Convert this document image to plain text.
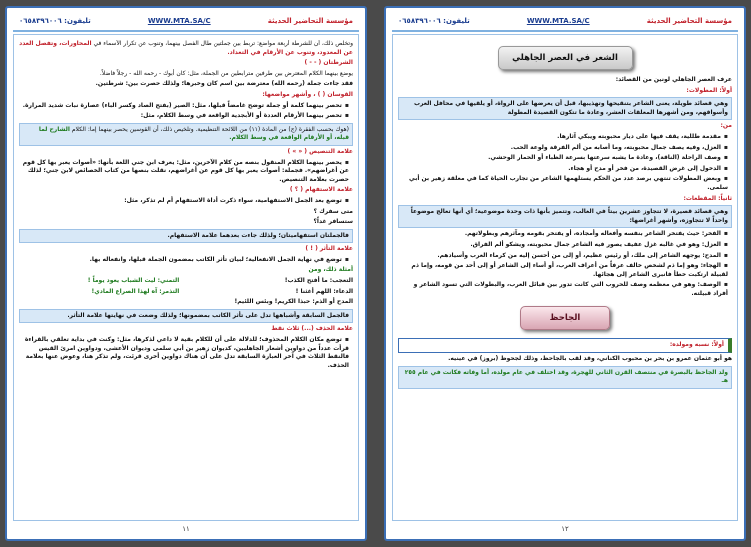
تليفون: ٠٦٥٨٣٩٦٠٠٦	WWW.MTA.SA/C	مؤسسة التحاضير الحديثة

وتخلص ذلك، أن للشرطة أربعة مواضع: تربط بين جملتين طال الفصل بينهما، وتنوب عن تكرار الأسماء في المحاورات، وتفصل العدد عن المعدود، وتنوب عن الأرقام في التعداد.

الشرطتان ( - - )

يوضع بينهما الكلام المعترض بين طرفين مترابطين من الجملة، مثل: كان أبوك - رحمه الله - رجلاً فاضلاً.

فقد جاءت جملة (رحمه الله) معترضة بين اسم كان وخبرها؛ ولذلك حصرت بين: شرطتين.

القوسان ( ) ، وأشهر مواضعها:

▪ تحصر بينهما كلمة أو جملة توضح غامضاً قبلها، مثل: الصير (بفتح الصاد وكسر الباء) عصارة نبات شديد المرارة.

▪ تحصر بينهما الأرقام العددة أو الأبجدية الواقعة في وسط الكلام، مثل:

(هوك بحسب الفقرة (ج) من المادة (١١) من اللائحة التنظيمية. وتلخيص ذلك، أن القوسين يحصر بينهما إما: الكلام الشارح لما قبله، أو الأرقام الواقعة في وسط الكلام.

علامة التنصيص ( « » )

▪ يحصر بينهما الكلام المنقول بنصه من كلام الآخرين، مثل: يعرف ابن جني اللغة بأنها: «أصوات يعبر بها كل قوم عن أغراضهم». فجملة: أصوات يعبر بها كل قوم عن أغراضهم، نقلت بنصها من كتاب الخصائص لابن جني؛ لذلك حصرت بعلامة التنصيص.

علامة الاستفهام ( ؟ )

▪ توضع بعد الجمل الاستفهامية، سواء ذكرت أداة الاستفهام أم لم تذكر، مثل:

متى سفرك ؟

ستسافر غداً؟

فالجملتان استفهاميتان؛ ولذلك جاءت بعدهما علامة الاستفهام.

علامة التأثر ( ! )

▪ توضع في نهاية الجمل الانفعالية؛ لبيان تأثر الكاتب بمضمون الجملة قبلها، وانفعاله بها.

أمثلة ذلك، ومن

التعجب: ما أفتح الكذب!
التمني: ليت الشباب يعود يوماً !

الدعاء: اللهم أغثنا !
التذمر: آه لهذا الصراع المادي!

المدح أو الذم: حبذا الكريم! وبئس اللئيم!

فالجمل السابقة وأشباهها تدل على تأثر الكاتب بمضمونها؛ ولذلك وضعت في نهايتها علامة التأثر.

علامة الحذف (...) ثلاث نقط

▪ توضع مكان الكلام المحذوف؛ للدلالة على أن للكلام بقية لا داعي لذكرها، مثل: وكنت في بداية تعلقي بالقراءة قرأت عدداً من دواوين أشعار الجاهليين، كديوان زهير بن أبي سلمى وديوان الأعشى، ودواوين امرئ القيس فالنقط الثلاث في آخر العبارة السابقة تدل على أن هناك دواوين أخرى قرئت، ولم تذكر هنا، وعوض عنها بعلامة الحذف.

١١
تليفون: ٠٦٥٨٣٩٦٠٠٦	WWW.MTA.SA/C	مؤسسة التحاضير الحديثة
الشعر في العصر الجاهلي

عرف العصر الجاهلي لونين من القصائد:

أولاً: المطولات:

وهي قصائد طويلة، يعنى الشاعر بتنقيحها وتهذيبها، قبل أن يعرضها على الرواة، أو يلقيها في محافل العرب وأسواقهم، ومن أشهرها المعلقات العشر، وعادة ما تتكون القصيدة المطولة

من:

▪ مقدمة طللية، يقف فيها على ديار محبوبته ويبكي آثارها.

▪ الغزل، وفيه يصف جمال محبوبته، وما أصابه من ألم الفرقة ولوعة الحب.

▪ وصف الراحلة (الناقة)، وعادة ما يشبه سرعتها بسرعة الظباء أو الحمار الوحشي.

▪ الدخول إلى غرض القصيدة، من فخر أو مدح أو هجاء.

▪ وبعض المطولات تنتهي برصد عدد من الحكم يستلهمها الشاعر من تجارب الحياة كما في معلقة زهير بن أبي سلمى.

ثانياً: المقطعات:

وهي قصائد قصيرة، لا تتجاوز عشرين بيتاً في الغالب، وتتميز بأنها ذات وحدة موضوعية؛ أي أنها تعالج موضوعاً واحداً لا تتجاوزه، وأشهر أغراضها:

▪ الفخر: حيث يفتخر الشاعر بنفسه وأفعاله وأمجاده، أو يفتخر بقومه ومآثرهم وبطولاتهم.

▪ الغزل: وهو في غالبه غزل عفيف يصور فيه الشاعر جمال محبوبته، ويشكو ألم الفراق.

▪ المدح: يوجهه الشاعر إلى ملك، أو رئيس عظيم، أو إلى من أحسن إليه من كرماء العرب وأسيادهم.

▪ الهجاء: وهو إما ذم لشخص خالف عرفاً من أعراف العرب، أو أساء إلى الشاعر أو إلى أحد من قومه، وإما ذم لقبيلة ارتكبت خطأ فانبرى الشاعر إلى هجائها.

▪ الوصف: وهو في معظمه وصف للحروب التي كانت تدور بين قبائل العرب، والبطولات التي تسود الشاعر و أفراد قبيلته.

الجاحظ

أولاً: نسبه ومولده:

هو أبو عثمان عمرو بن بحر بن محبوب الكناني، وقد لقب بالجاحظ، وذلك لجحوظ (بروز) في عينيه.

ولد الجاحظ بالبصرة في منتصف القرن الثاني للهجرة، وقد اختلف في عام مولده، أما وفاته فكانت في عام ٢٥٥ هـ

١٢
